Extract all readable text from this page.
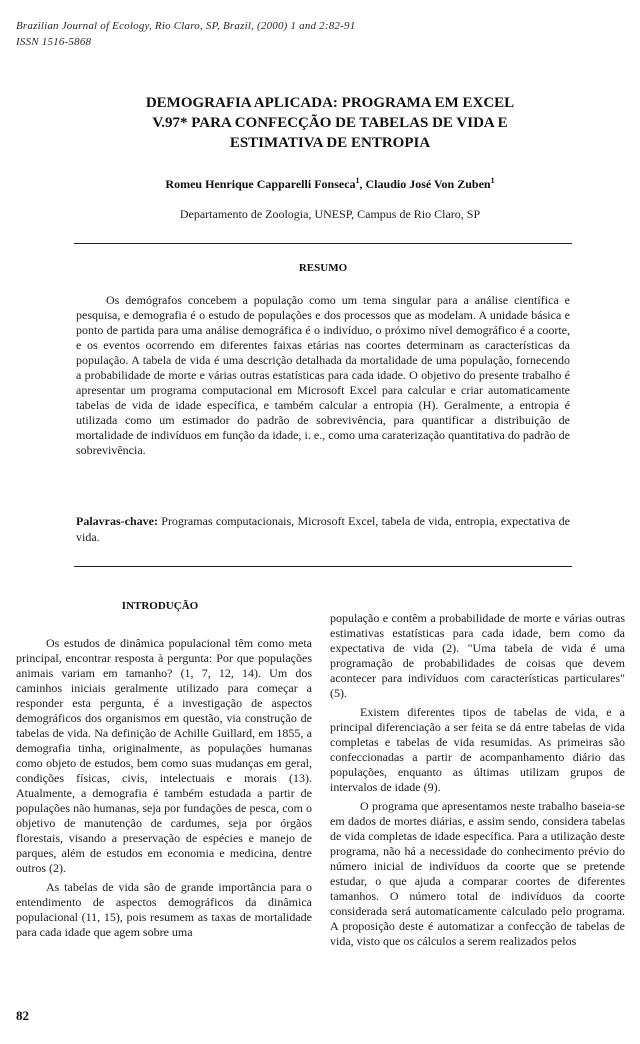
Brazilian Journal of Ecology, Rio Claro, SP, Brazil, (2000) 1 and 2:82-91
ISSN 1516-5868
DEMOGRAFIA APLICADA: PROGRAMA EM EXCEL
V.97* PARA CONFECÇÃO DE TABELAS DE VIDA E
ESTIMATIVA DE ENTROPIA
Romeu Henrique Capparelli Fonseca$^1$, Claudio José Von Zuben$^1$
Departamento de Zoologia, UNESP, Campus de Rio Claro, SP
RESUMO
Os demógrafos concebem a população como um tema singular para a análise científica e pesquisa, e demografia é o estudo de populações e dos processos que as modelam. A unidade básica e ponto de partida para uma análise demográfica é o indivíduo, o próximo nível demográfico é a coorte, e os eventos ocorrendo em diferentes faixas etárias nas coortes determinam as características da população. A tabela de vida é uma descrição detalhada da mortalidade de uma população, fornecendo a probabilidade de morte e várias outras estatísticas para cada idade. O objetivo do presente trabalho é apresentar um programa computacional em Microsoft Excel para calcular e criar automaticamente tabelas de vida de idade específica, e também calcular a entropia (H). Geralmente, a entropia é utilizada como um estimador do padrão de sobrevivência, para quantificar a distribuição de mortalidade de indivíduos em função da idade, i. e., como uma caraterização quantitativa do padrão de sobrevivência.
Palavras-chave: Programas computacionais, Microsoft Excel, tabela de vida, entropia, expectativa de vida.
INTRODUÇÃO

Os estudos de dinâmica populacional têm como meta principal, encontrar resposta à pergunta: Por que populações animais variam em tamanho? (1, 7, 12, 14). Um dos caminhos iniciais geralmente utilizado para começar a responder esta pergunta, é a investigação de aspectos demográficos dos organismos em questão, via construção de tabelas de vida. Na definição de Achille Guillard, em 1855, a demografia tinha, originalmente, as populações humanas como objeto de estudos, bem como suas mudanças em geral, condições físicas, civis, intelectuais e morais (13). Atualmente, a demografia é também estudada a partir de populações não humanas, seja por fundações de pesca, com o objetivo de manutenção de cardumes, seja por órgãos florestais, visando a preservação de espécies e manejo de parques, além de estudos em economia e medicina, dentre outros (2).

As tabelas de vida são de grande importância para o entendimento de aspectos demográficos da dinâmica populacional (11, 15), pois resumem as taxas de mortalidade para cada idade que agem sobre uma

população e contêm a probabilidade de morte e várias outras estimativas estatísticas para cada idade, bem como da expectativa de vida (2). "Uma tabela de vida é uma programação de probabilidades de coisas que devem acontecer para indivíduos com características particulares" (5).

Existem diferentes tipos de tabelas de vida, e a principal diferenciação a ser feita se dá entre tabelas de vida completas e tabelas de vida resumidas. As primeiras são confeccionadas a partir de acompanhamento diário das populações, enquanto as últimas utilizam grupos de intervalos de idade (9).

O programa que apresentamos neste trabalho baseia-se em dados de mortes diárias, e assim sendo, considera tabelas de vida completas de idade específica. Para a utilização deste programa, não há a necessidade do conhecimento prévio do número inicial de indivíduos da coorte que se pretende estudar, o que ajuda a comparar coortes de diferentes tamanhos. O número total de indivíduos da coorte considerada será automaticamente calculado pelo programa. A proposição deste é automatizar a confecção de tabelas de vida, visto que os cálculos a serem realizados pelos

82
